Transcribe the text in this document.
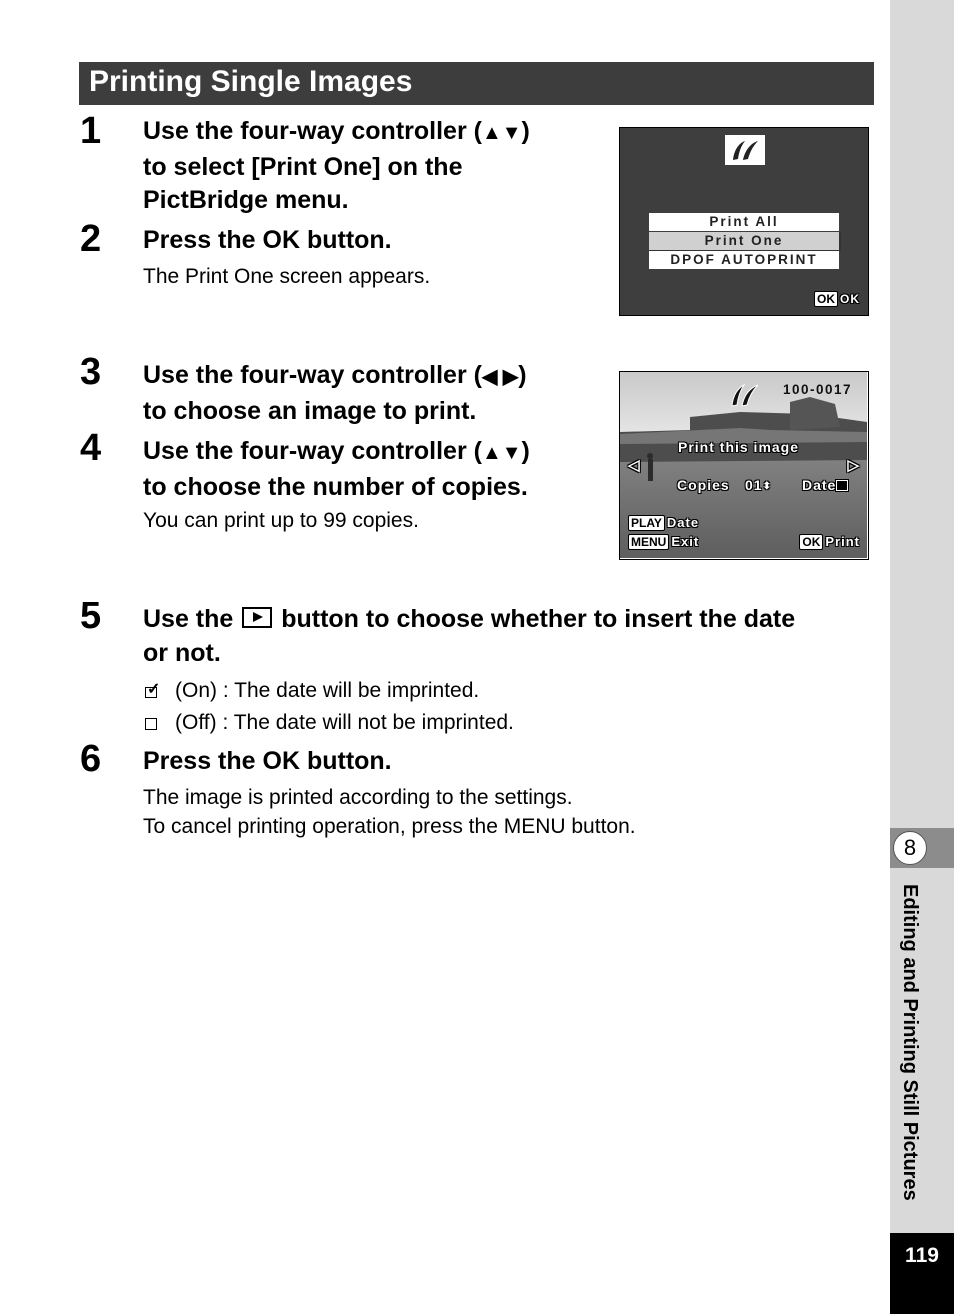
8
Editing and Printing Still Pictures
119
Printing Single Images
1	Use the four-way controller (▲▼)
to select [Print One] on the
PictBridge menu.
2	Press the OK button.
The Print One screen appears.
Print All
Print One
DPOF AUTOPRINT
OK OK
3	Use the four-way controller (◀ ▶)
to choose an image to print.
4	Use the four-way controller (▲▼)
to choose the number of copies.
You can print up to 99 copies.
100-0017
Print this image
◁	▷
Copies 01⬍ Date
PLAY Date
MENU Exit	OK Print
5	Use the button to choose whether to insert the date
or not.
✓ (On) : The date will be imprinted.
(Off) : The date will not be imprinted.
6	Press the OK button.
The image is printed according to the settings.
To cancel printing operation, press the MENU button.
